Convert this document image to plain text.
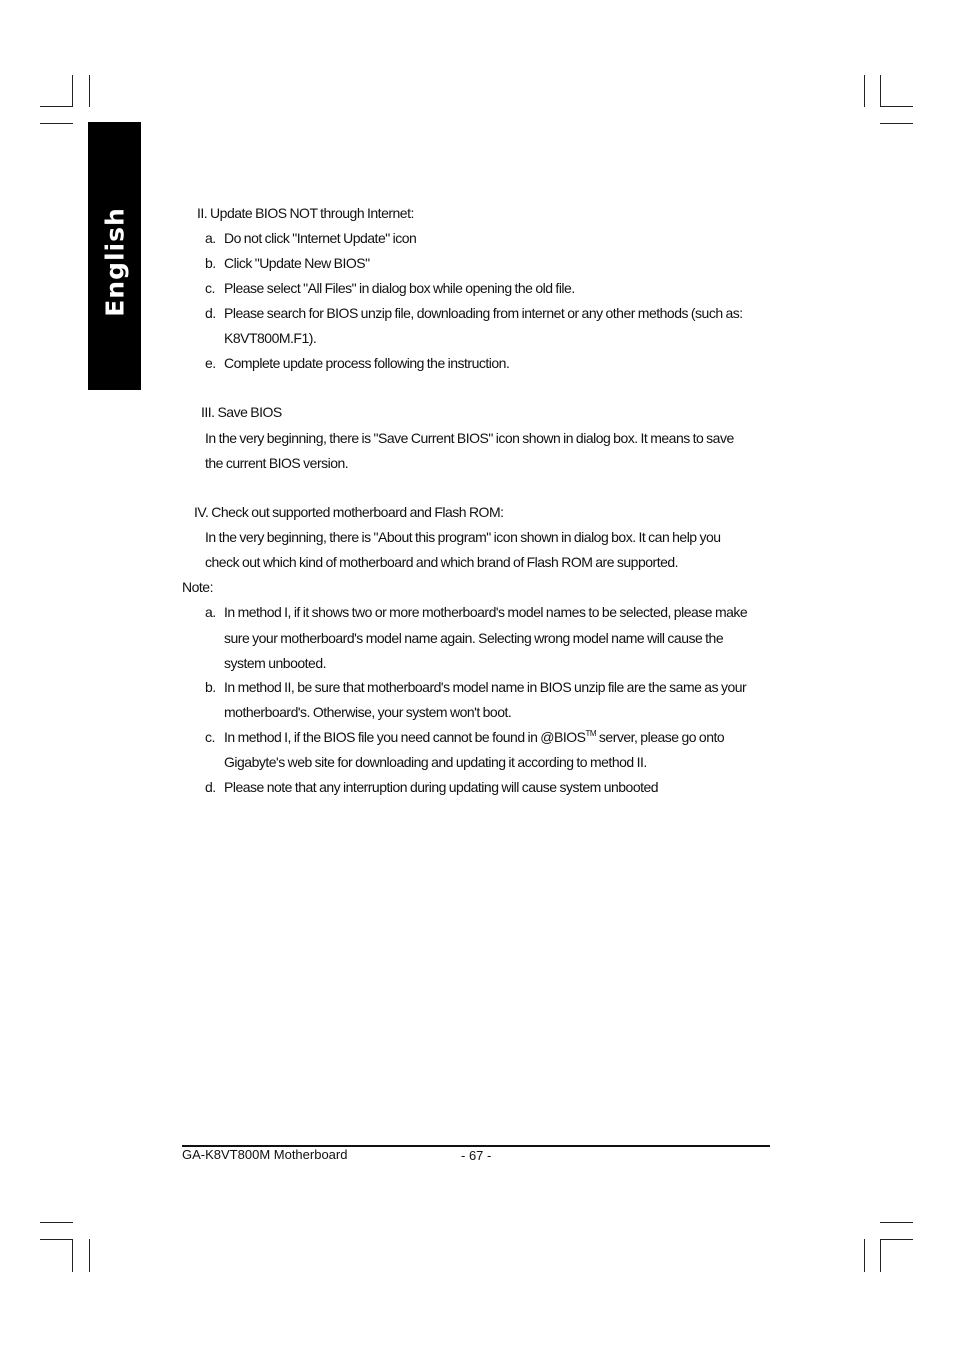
English	II. Update BIOS NOT through Internet:
a. Do not click "Internet Update" icon
b. Click "Update New BIOS"
c. Please select "All Files" in dialog box while opening the old file.
d. Please search for BIOS unzip file, downloading from internet or any other methods (such as:
K8VT800M.F1).
e. Complete update process following the instruction.
III. Save BIOS
In the very beginning, there is "Save Current BIOS" icon shown in dialog box. It means to save
the current BIOS version.
IV. Check out supported motherboard and Flash ROM:
In the very beginning, there is "About this program" icon shown in dialog box. It can help you
check out which kind of motherboard and which brand of Flash ROM are supported.
Note:
a. In method I, if it shows two or more motherboard's model names to be selected, please make
sure your motherboard's model name again. Selecting wrong model name will cause the
system unbooted.
b. In method II, be sure that motherboard's model name in BIOS unzip file are the same as your
motherboard's. Otherwise, your system won't boot.
c. In method I, if the BIOS file you need cannot be found in @BIOS™ server, please go onto
Gigabyte's web site for downloading and updating it according to method II.
d. Please note that any interruption during updating will cause system unbooted
GA-K8VT800M Motherboard	- 67 -
